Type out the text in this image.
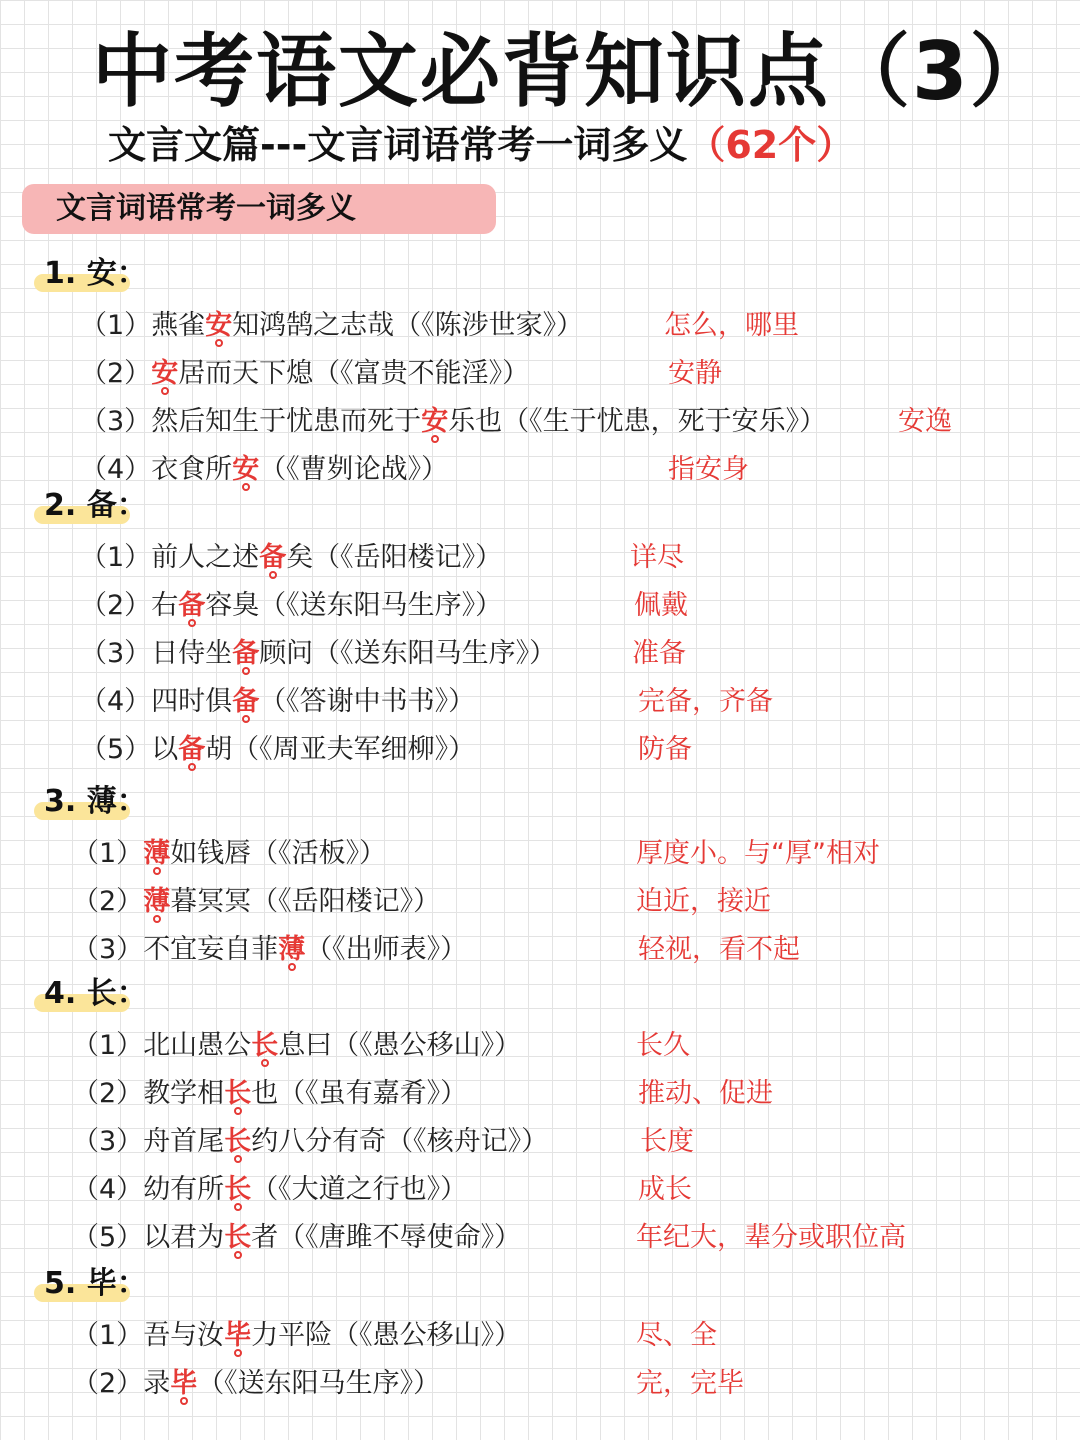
中考语文必背知识点（3）
文言文篇---文言词语常考一词多义（62个）
文言词语常考一词多义
1. 安：
（1）燕雀安知鸿鹄之志哉（《陈涉世家》）	怎么，哪里
（2）安居而天下熄（《富贵不能淫》）	安静
（3）然后知生于忧患而死于安乐也（《生于忧患，死于安乐》）	安逸
（4）衣食所安（《曹刿论战》）	指安身
2. 备：
（1）前人之述备矣（《岳阳楼记》）	详尽
（2）右备容臭（《送东阳马生序》）	佩戴
（3）日侍坐备顾问（《送东阳马生序》）	准备
（4）四时俱备（《答谢中书书》）	完备，齐备
（5）以备胡（《周亚夫军细柳》）	防备
3. 薄：
（1）薄如钱唇（《活板》）	厚度小。与“厚”相对
（2）薄暮冥冥（《岳阳楼记》）	迫近，接近
（3）不宜妄自菲薄（《出师表》）	轻视，看不起
4. 长：
（1）北山愚公长息曰（《愚公移山》）	长久
（2）教学相长也（《虽有嘉肴》）	推动、促进
（3）舟首尾长约八分有奇（《核舟记》）	长度
（4）幼有所长（《大道之行也》）	成长
（5）以君为长者（《唐雎不辱使命》）	年纪大，辈分或职位高
5. 毕：
（1）吾与汝毕力平险（《愚公移山》）	尽、全
（2）录毕（《送东阳马生序》）	完，完毕
